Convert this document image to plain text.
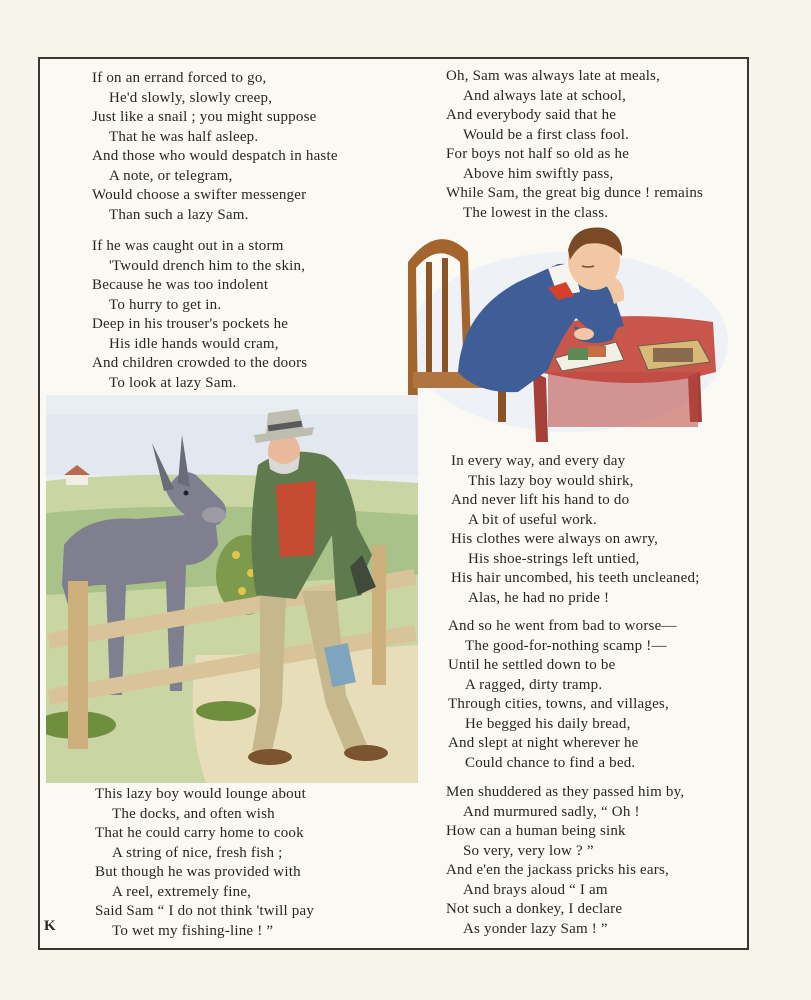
If on an errand forced to go,
He'd slowly, slowly creep,
Just like a snail ; you might suppose
That he was half asleep.
And those who would despatch in haste
A note, or telegram,
Would choose a swifter messenger
Than such a lazy Sam.
If he was caught out in a storm
'Twould drench him to the skin,
Because he was too indolent
To hurry to get in.
Deep in his trouser's pockets he
His idle hands would cram,
And children crowded to the doors
To look at lazy Sam.
This lazy boy would lounge about
The docks, and often wish
That he could carry home to cook
A string of nice, fresh fish ;
But though he was provided with
A reel, extremely fine,
Said Sam “ I do not think 'twill pay
To wet my fishing-line ! ”
Oh, Sam was always late at meals,
And always late at school,
And everybody said that he
Would be a first class fool.
For boys not half so old as he
Above him swiftly pass,
While Sam, the great big dunce ! remains
The lowest in the class.
In every way, and every day
This lazy boy would shirk,
And never lift his hand to do
A bit of useful work.
His clothes were always on awry,
His shoe-strings left untied,
His hair uncombed, his teeth uncleaned;
Alas, he had no pride !
And so he went from bad to worse—
The good-for-nothing scamp !—
Until he settled down to be
A ragged, dirty tramp.
Through cities, towns, and villages,
He begged his daily bread,
And slept at night wherever he
Could chance to find a bed.
Men shuddered as they passed him by,
And murmured sadly, “ Oh !
How can a human being sink
So very, very low ? ”
And e'en the jackass pricks his ears,
And brays aloud “ I am
Not such a donkey, I declare
As yonder lazy Sam ! ”
K
